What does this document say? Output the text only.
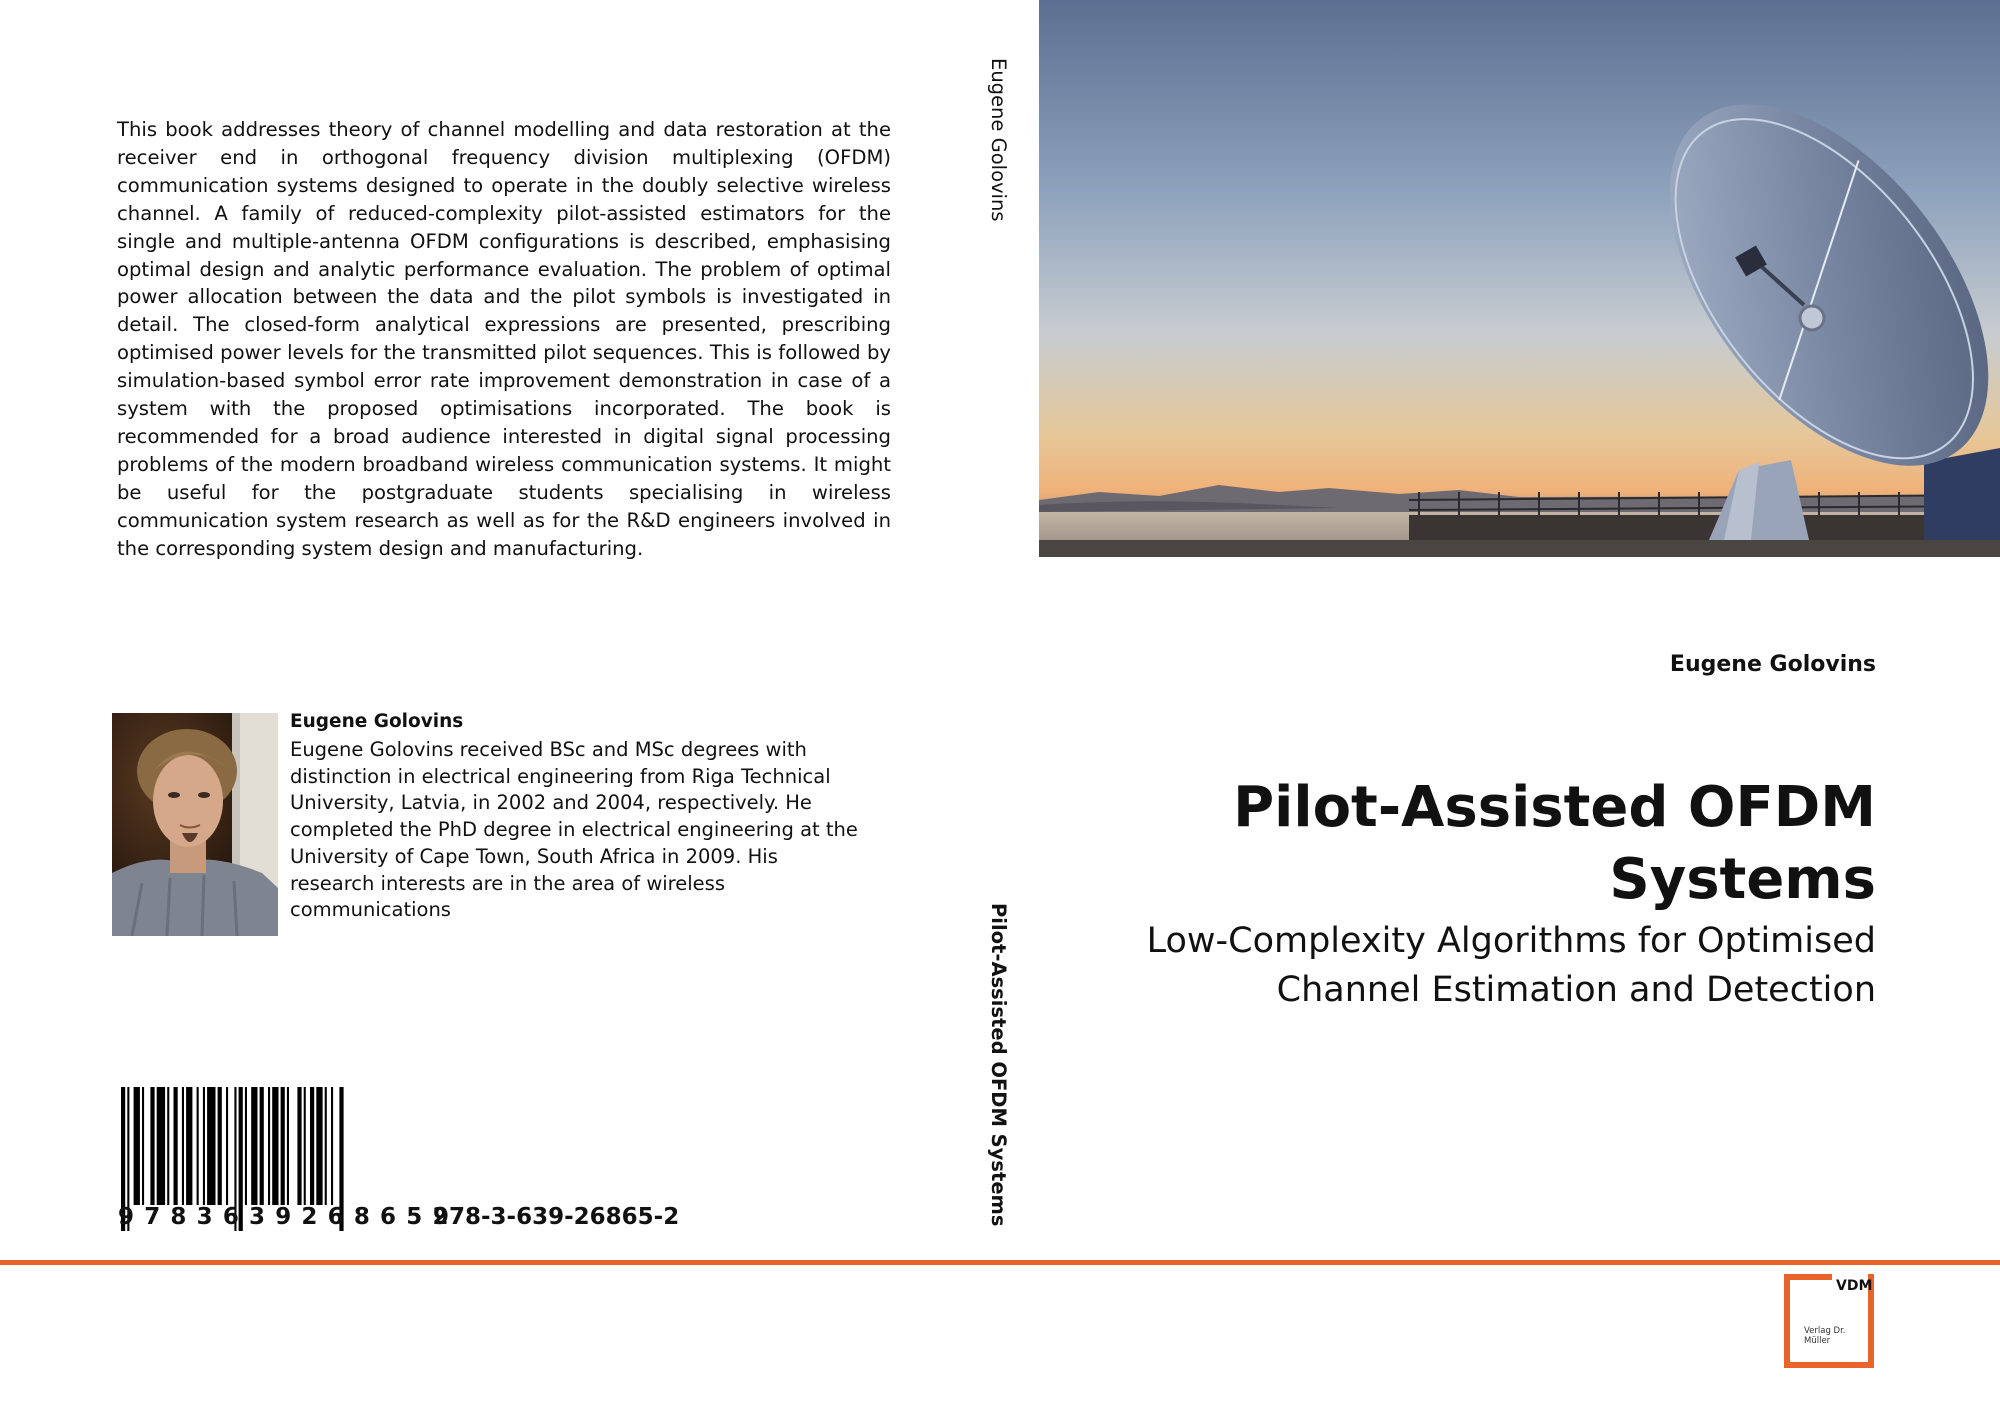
This book addresses theory of channel modelling and data restoration at the receiver end in orthogonal frequency division multiplexing (OFDM) communication systems designed to operate in the doubly selective wireless channel. A family of reduced-complexity pilot-assisted estimators for the single and multiple-antenna OFDM configurations is described, emphasising optimal design and analytic performance evaluation. The problem of optimal power allocation between the data and the pilot symbols is investigated in detail. The closed-form analytical expressions are presented, prescribing optimised power levels for the transmitted pilot sequences. This is followed by simulation-based symbol error rate improvement demonstration in case of a system with the proposed optimisations incorporated. The book is recommended for a broad audience interested in digital signal processing problems of the modern broadband wireless communication systems. It might be useful for the postgraduate students specialising in wireless communication system research as well as for the R&D engineers involved in the corresponding system design and manufacturing.

Eugene Golovins

Eugene Golovins received BSc and MSc degrees with distinction in electrical engineering from Riga Technical University, Latvia, in 2002 and 2004, respectively. He completed the PhD degree in electrical engineering at the University of Cape Town, South Africa in 2009. His research interests are in the area of wireless communications

9783639268652
978-3-639-26865-2
Eugene Golovins
Pilot-Assisted OFDM Systems
Eugene Golovins
Pilot-Assisted OFDM Systems
Low-Complexity Algorithms for Optimised Channel Estimation and Detection
VDM
Verlag Dr. Müller
